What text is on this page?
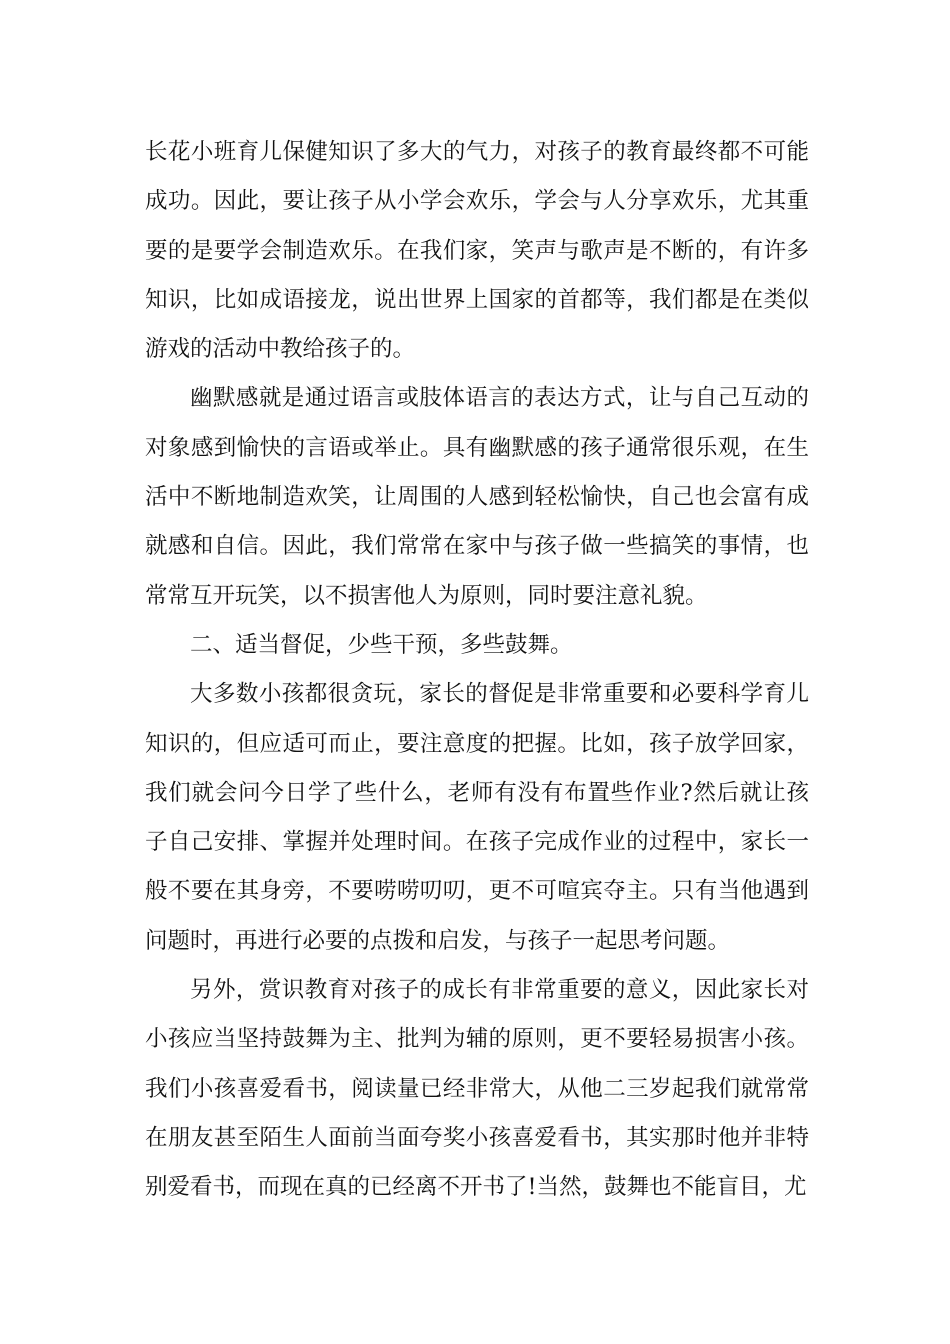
长花小班育儿保健知识了多大的气力，对孩子的教育最终都不可能成功。因此，要让孩子从小学会欢乐，学会与人分享欢乐，尤其重要的是要学会制造欢乐。在我们家，笑声与歌声是不断的，有许多知识，比如成语接龙，说出世界上国家的首都等，我们都是在类似游戏的活动中教给孩子的。

幽默感就是通过语言或肢体语言的表达方式，让与自己互动的对象感到愉快的言语或举止。具有幽默感的孩子通常很乐观，在生活中不断地制造欢笑，让周围的人感到轻松愉快，自己也会富有成就感和自信。因此，我们常常在家中与孩子做一些搞笑的事情，也常常互开玩笑，以不损害他人为原则，同时要注意礼貌。

二、适当督促，少些干预，多些鼓舞。

大多数小孩都很贪玩，家长的督促是非常重要和必要科学育儿知识的，但应适可而止，要注意度的把握。比如，孩子放学回家，我们就会问今日学了些什么，老师有没有布置些作业?然后就让孩子自己安排、掌握并处理时间。在孩子完成作业的过程中，家长一般不要在其身旁，不要唠唠叨叨，更不可喧宾夺主。只有当他遇到问题时，再进行必要的点拨和启发，与孩子一起思考问题。

另外，赏识教育对孩子的成长有非常重要的意义，因此家长对小孩应当坚持鼓舞为主、批判为辅的原则，更不要轻易损害小孩。我们小孩喜爱看书，阅读量已经非常大，从他二三岁起我们就常常在朋友甚至陌生人面前当面夸奖小孩喜爱看书，其实那时他并非特别爱看书，而现在真的已经离不开书了!当然，鼓舞也不能盲目，尤
